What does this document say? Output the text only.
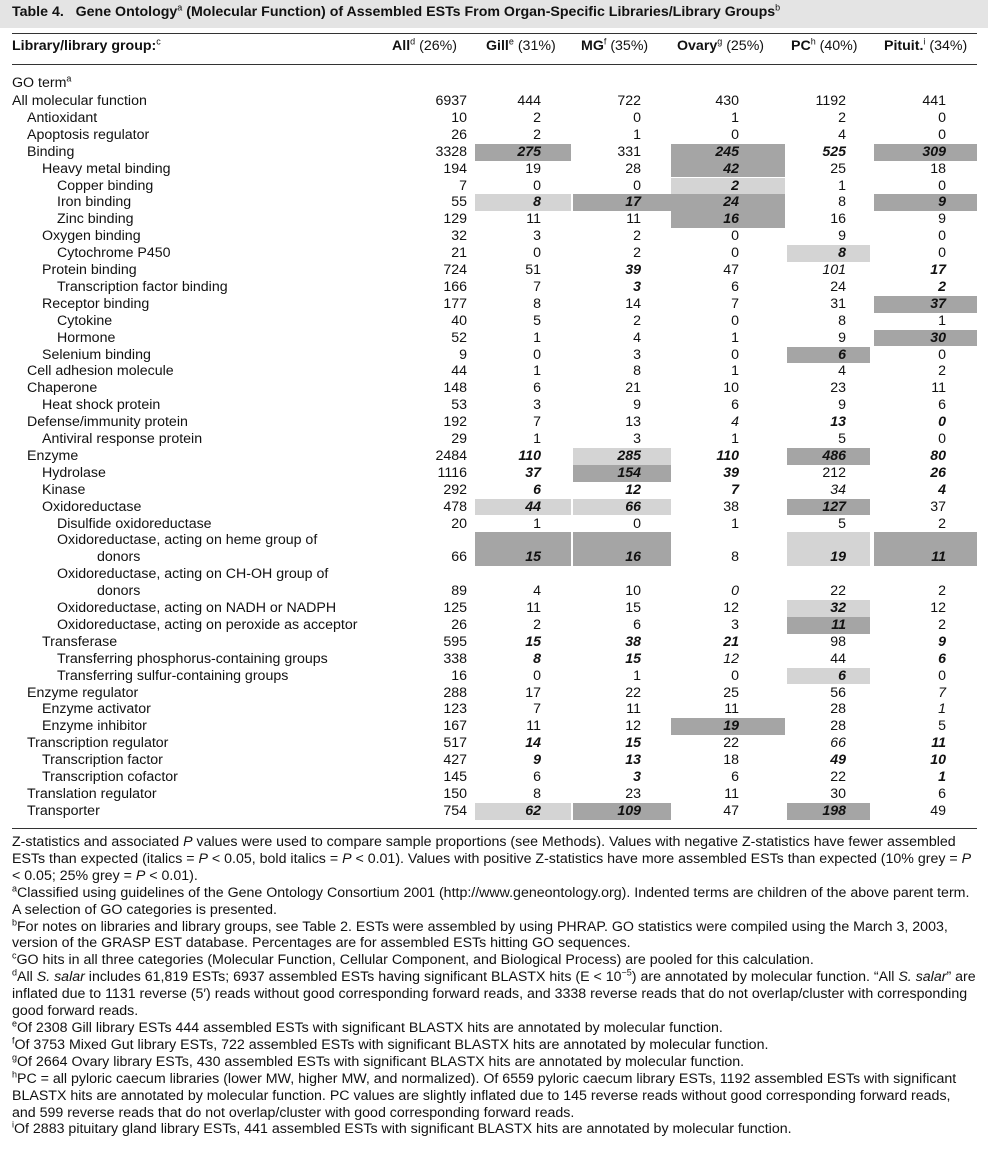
Table 4. Gene Ontology$^a$ (Molecular Function) of Assembled ESTs From Organ-Specific Libraries/Library Groups$^b$
Library/library group:$^c$	All$^d$ (26%) Gill$^e$ (31%) $MG^f$ (35%) Ovary$^g$ (25%) $PC^h$ (40%) Pituit.$^i$ (34%)
GO term$^a$
All molecular function	6937	444	722	430	1192	441
Antioxidant	10	2	0	1	2	0
Apoptosis regulator	26	2	1	0	4	0
Binding	3328	275	331	245	525	309
Heavy metal binding	194	19	28	42	25	18
Copper binding	7	0	0	2	1	0
Iron binding	55	8	17	24	8	9
Zinc binding	129	11	11	16	16	9
Oxygen binding	32	3	2	0	9	0
Cytochrome P450	21	0	2	0	8	0
Protein binding	724	51	39	47	101	17
Transcription factor binding	166	7	3	6	24	2
Receptor binding	177	8	14	7	31	37
Cytokine	40	5	2	0	8	1
Hormone	52	1	4	1	9	30
Selenium binding	9	0	3	0	6	0
Cell adhesion molecule	44	1	8	1	4	2
Chaperone	148	6	21	10	23	11
Heat shock protein	53	3	9	6	9	6
Defense/immunity protein	192	7	13	4	13	0
Antiviral response protein	29	1	3	1	5	0
Enzyme	2484	110	285	110	486	80
Hydrolase	1116	37	154	39	212	26
Kinase	292	6	12	7	34	4
Oxidoreductase	478	44	66	38	127	37
Disulfide oxidoreductase	20	1	0	1	5	2
Oxidoreductase, acting on heme group of
donors	66	15	16	8	19	11
Oxidoreductase, acting on CH-OH group of
donors	89	4	10	0	22	2
Oxidoreductase, acting on NADH or NADPH	125	11	15	12	32	12
Oxidoreductase, acting on peroxide as acceptor	26	2	6	3	11	2
Transferase	595	15	38	21	98	9
Transferring phosphorus-containing groups	338	8	15	12	44	6
Transferring sulfur-containing groups	16	0	1	0	6	0
Enzyme regulator	288	17	22	25	56	7
Enzyme activator	123	7	11	11	28	1
Enzyme inhibitor	167	11	12	19	28	5
Transcription regulator	517	14	15	22	66	11
Transcription factor	427	9	13	18	49	10
Transcription cofactor	145	6	3	6	22	1
Translation regulator	150	8	23	11	30	6
Transporter	754	62	109	47	198	49

Z-statistics and associated P values were used to compare sample proportions (see Methods). Values with negative Z-statistics have fewer assembled ESTs than expected (italics = P < 0.05, bold italics = P < 0.01). Values with positive Z-statistics have more assembled ESTs than expected (10% grey = P < 0.05; 25% grey = P < 0.01).

$^a$Classified using guidelines of the Gene Ontology Consortium 2001 (http://www.geneontology.org). Indented terms are children of the above parent term. A selection of GO categories is presented.

$^b$For notes on libraries and library groups, see Table 2. ESTs were assembled by using PHRAP. GO statistics were compiled using the March 3, 2003, version of the GRASP EST database. Percentages are for assembled ESTs hitting GO sequences.

$^c$GO hits in all three categories (Molecular Function, Cellular Component, and Biological Process) are pooled for this calculation.

$^d$All S. salar includes 61,819 ESTs; 6937 assembled ESTs having significant BLASTX hits $(E < 10^{-5})$ are annotated by molecular function. “All S. salar” are inflated due to 1131 reverse (5′) reads without good corresponding forward reads, and 3338 reverse reads that do not overlap/cluster with corresponding good forward reads.

$^e$Of 2308 Gill library ESTs 444 assembled ESTs with significant BLASTX hits are annotated by molecular function.

$^f$Of 3753 Mixed Gut library ESTs, 722 assembled ESTs with significant BLASTX hits are annotated by molecular function.

$^g$Of 2664 Ovary library ESTs, 430 assembled ESTs with significant BLASTX hits are annotated by molecular function.

$^h$PC = all pyloric caecum libraries (lower MW, higher MW, and normalized). Of 6559 pyloric caecum library ESTs, 1192 assembled ESTs with significant BLASTX hits are annotated by molecular function. PC values are slightly inflated due to 145 reverse reads without good corresponding forward reads, and 599 reverse reads that do not overlap/cluster with good corresponding forward reads.

$^i$Of 2883 pituitary gland library ESTs, 441 assembled ESTs with significant BLASTX hits are annotated by molecular function.
